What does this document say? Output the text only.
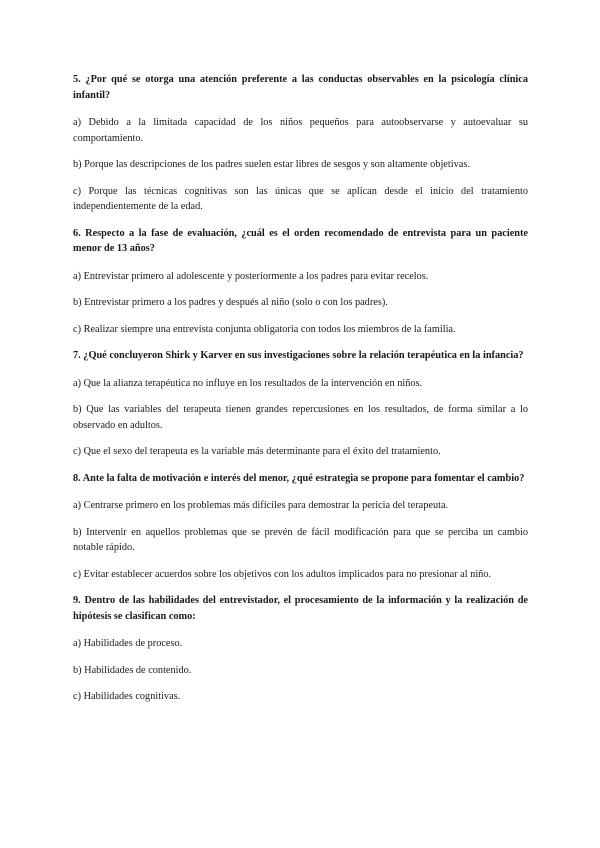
5. ¿Por qué se otorga una atención preferente a las conductas observables en la psicología clínica infantil?

a) Debido a la limitada capacidad de los niños pequeños para autoobservarse y autoevaluar su comportamiento.

b) Porque las descripciones de los padres suelen estar libres de sesgos y son altamente objetivas.

c) Porque las técnicas cognitivas son las únicas que se aplican desde el inicio del tratamiento independientemente de la edad.

6. Respecto a la fase de evaluación, ¿cuál es el orden recomendado de entrevista para un paciente menor de 13 años?

a) Entrevistar primero al adolescente y posteriormente a los padres para evitar recelos.

b) Entrevistar primero a los padres y después al niño (solo o con los padres).

c) Realizar siempre una entrevista conjunta obligatoria con todos los miembros de la familia.

7. ¿Qué concluyeron Shirk y Karver en sus investigaciones sobre la relación terapéutica en la infancia?

a) Que la alianza terapéutica no influye en los resultados de la intervención en niños.

b) Que las variables del terapeuta tienen grandes repercusiones en los resultados, de forma similar a lo observado en adultos.

c) Que el sexo del terapeuta es la variable más determinante para el éxito del tratamiento.

8. Ante la falta de motivación e interés del menor, ¿qué estrategia se propone para fomentar el cambio?

a) Centrarse primero en los problemas más difíciles para demostrar la pericia del terapeuta.

b) Intervenir en aquellos problemas que se prevén de fácil modificación para que se perciba un cambio notable rápido.

c) Evitar establecer acuerdos sobre los objetivos con los adultos implicados para no presionar al niño.

9. Dentro de las habilidades del entrevistador, el procesamiento de la información y la realización de hipótesis se clasifican como:

a) Habilidades de proceso.

b) Habilidades de contenido.

c) Habilidades cognitivas.
